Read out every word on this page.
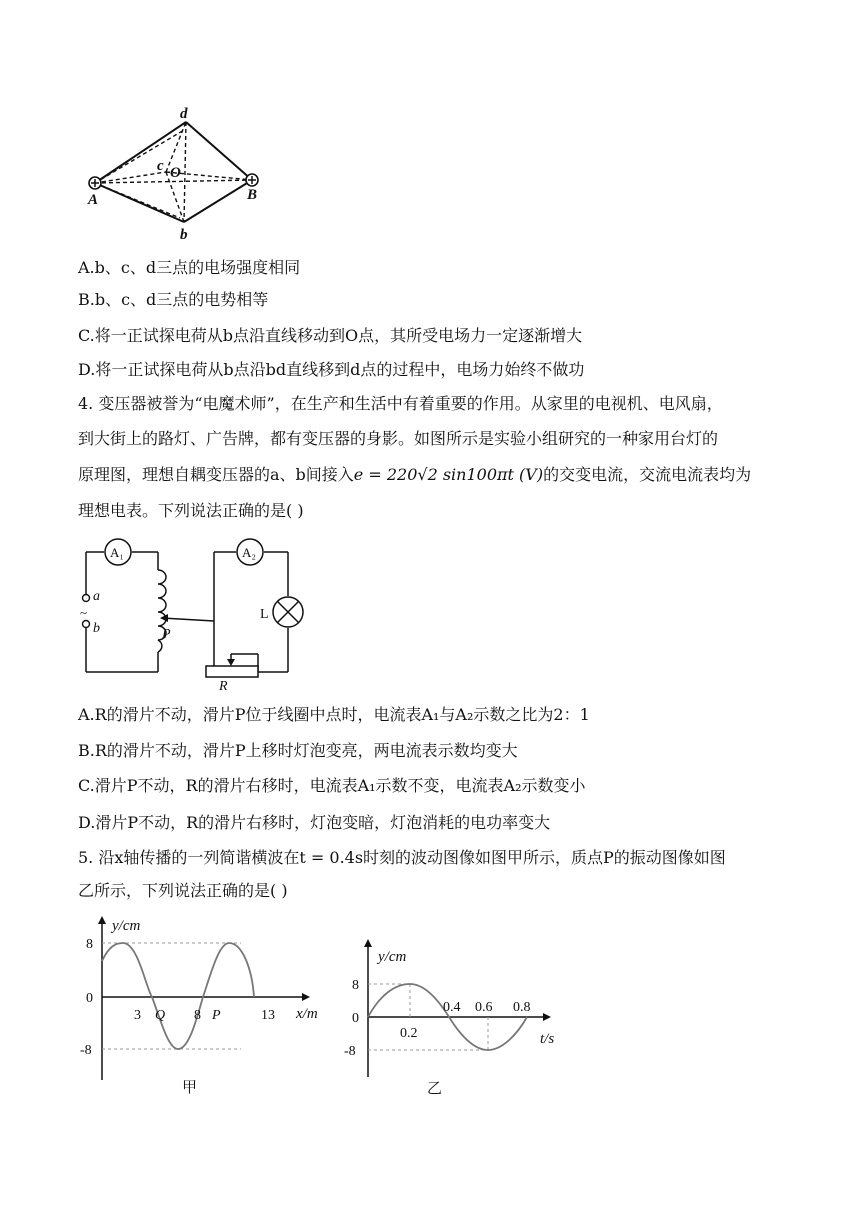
d
c O
A	B
b
A.b、c、d三点的电场强度相同
B.b、c、d三点的电势相等
C.将一正试探电荷从b点沿直线移动到O点，其所受电场力一定逐渐增大
D.将一正试探电荷从b点沿bd直线移到d点的过程中，电场力始终不做功
4. 变压器被誉为“电魔术师”，在生产和生活中有着重要的作用。从家里的电视机、电风扇，
到大街上的路灯、广告牌，都有变压器的身影。如图所示是实验小组研究的一种家用台灯的
原理图，理想自耦变压器的a、b间接入e = 220√2 sin100πt (V)的交变电流，交流电流表均为
理想电表。下列说法正确的是( )
A₁	A₂
a
~
b	P
L
R
A.R的滑片不动，滑片P位于线圈中点时，电流表A₁与A₂示数之比为2：1
B.R的滑片不动，滑片P上移时灯泡变亮，两电流表示数均变大
C.滑片P不动，R的滑片右移时，电流表A₁示数不变，电流表A₂示数变小
D.滑片P不动，R的滑片右移时，灯泡变暗，灯泡消耗的电功率变大
5. 沿x轴传播的一列简谐横波在t = 0.4s时刻的波动图像如图甲所示，质点P的振动图像如图
乙所示，下列说法正确的是( )
y/cm
x/m
8
0
-8
3 Q 8 P	13
甲
y/cm
t/s
8
0
-8
0.2
0.4 0.6 0.8
乙
